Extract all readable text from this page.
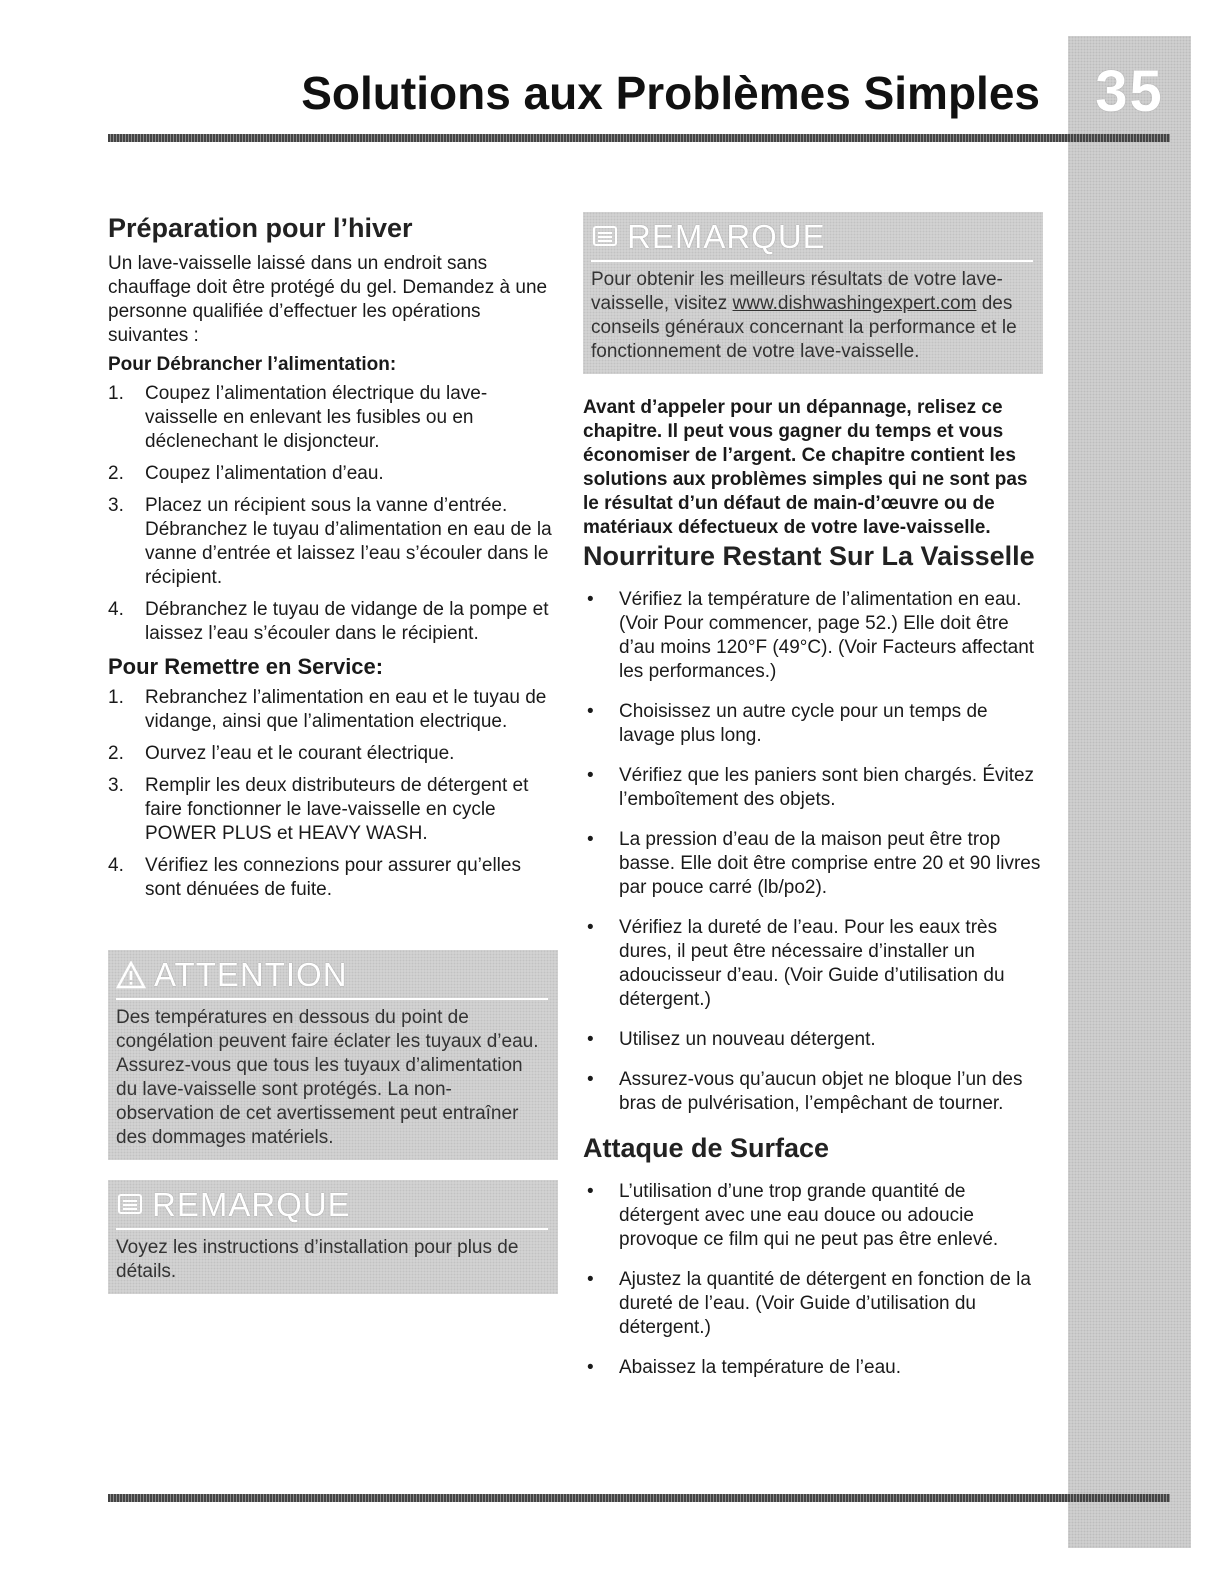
35
Solutions aux Problèmes Simples
Préparation pour l’hiver

Un lave-vaisselle laissé dans un endroit sans chauffage doit être protégé du gel. Demandez à une personne qualifiée d’effectuer les opérations suivantes :

Pour Débrancher l’alimentation:
1.	Coupez l’alimentation électrique du lave-vaisselle en enlevant les fusibles ou en déclenechant le disjoncteur.
2.	Coupez l’alimentation d’eau.
3.	Placez un récipient sous la vanne d’entrée. Débranchez le tuyau d’alimentation en eau de la vanne d’entrée et laissez l’eau s’écouler dans le récipient.
4.	Débranchez le tuyau de vidange de la pompe et laissez l’eau s’écouler dans le récipient.
Pour Remettre en Service:
1.	Rebranchez l’alimentation en eau et le tuyau de vidange, ainsi que l’alimentation electrique.
2.	Ourvez l’eau et le courant électrique.
3.	Remplir les deux distributeurs de détergent et faire fonctionner le lave-vaisselle en cycle POWER PLUS et HEAVY WASH.
4.	Vérifiez les connezions pour assurer qu’elles sont dénuées de fuite.
ATTENTION
Des températures en dessous du point de congélation peuvent faire éclater les tuyaux d’eau. Assurez-vous que tous les tuyaux d’alimentation du lave-vaisselle sont protégés. La non-observation de cet avertissement peut entraîner des dommages matériels.
REMARQUE
Voyez les instructions d’installation pour plus de détails.
REMARQUE
Pour obtenir les meilleurs résultats de votre lave-vaisselle, visitez www.dishwashingexpert.com des conseils généraux concernant la performance et le fonctionnement de votre lave-vaisselle.

Avant d’appeler pour un dépannage, relisez ce chapitre. Il peut vous gagner du temps et vous économiser de l’argent. Ce chapitre contient les solutions aux problèmes simples qui ne sont pas le résultat d’un défaut de main-d’œuvre ou de matériaux défectueux de votre lave-vaisselle.

Nourriture Restant Sur La Vaisselle
•	Vérifiez la température de l’alimentation en eau. (Voir Pour commencer, page 52.) Elle doit être d’au moins 120°F (49°C). (Voir Facteurs affectant les performances.)
•	Choisissez un autre cycle pour un temps de lavage plus long.
•	Vérifiez que les paniers sont bien chargés. Évitez l’emboîtement des objets.
•	La pression d’eau de la maison peut être trop basse. Elle doit être comprise entre 20 et 90 livres par pouce carré (lb/po2).
•	Vérifiez la dureté de l’eau. Pour les eaux très dures, il peut être nécessaire d’installer un adoucisseur d’eau. (Voir Guide d’utilisation du détergent.)
•	Utilisez un nouveau détergent.
•	Assurez-vous qu’aucun objet ne bloque l’un des bras de pulvérisation, l’empêchant de tourner.
Attaque de Surface
•	L’utilisation d’une trop grande quantité de détergent avec une eau douce ou adoucie provoque ce film qui ne peut pas être enlevé.
•	Ajustez la quantité de détergent en fonction de la dureté de l’eau. (Voir Guide d’utilisation du détergent.)
•	Abaissez la température de l’eau.
